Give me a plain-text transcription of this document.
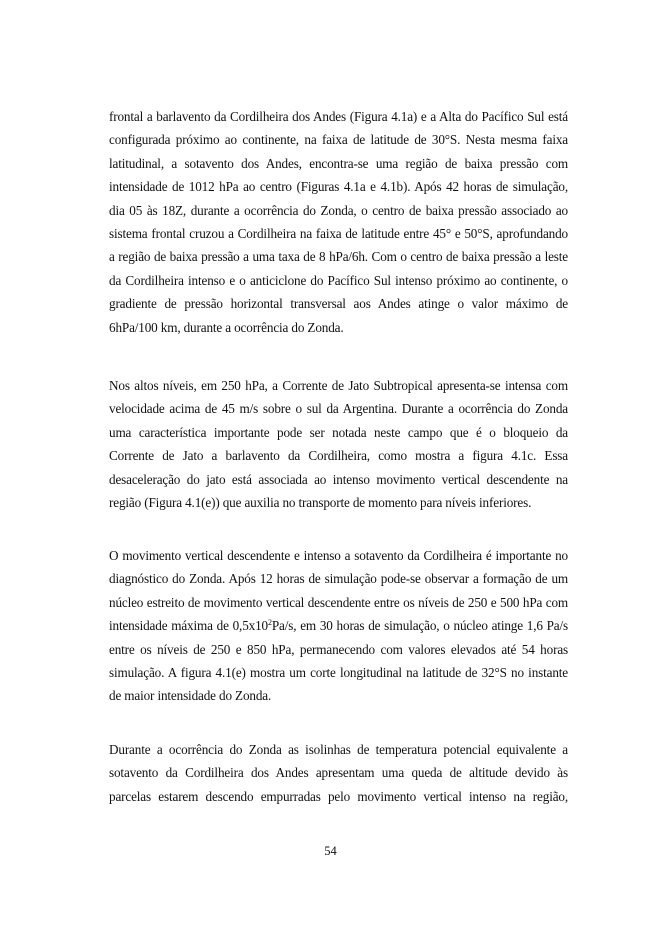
frontal a barlavento da Cordilheira dos Andes (Figura 4.1a) e a Alta do Pacífico Sul está
configurada próximo ao continente, na faixa de latitude de 30°S. Nesta mesma faixa
latitudinal, a sotavento dos Andes, encontra-se uma região de baixa pressão com
intensidade de 1012 hPa ao centro (Figuras 4.1a e 4.1b). Após 42 horas de simulação,
dia 05 às 18Z, durante a ocorrência do Zonda, o centro de baixa pressão associado ao
sistema frontal cruzou a Cordilheira na faixa de latitude entre 45° e 50°S, aprofundando
a região de baixa pressão a uma taxa de 8 hPa/6h. Com o centro de baixa pressão a leste
da Cordilheira intenso e o anticiclone do Pacífico Sul intenso próximo ao continente, o
gradiente de pressão horizontal transversal aos Andes atinge o valor máximo de
6hPa/100 km, durante a ocorrência do Zonda.
Nos altos níveis, em 250 hPa, a Corrente de Jato Subtropical apresenta-se intensa com
velocidade acima de 45 m/s sobre o sul da Argentina. Durante a ocorrência do Zonda
uma característica importante pode ser notada neste campo que é o bloqueio da
Corrente de Jato a barlavento da Cordilheira, como mostra a figura 4.1c. Essa
desaceleração do jato está associada ao intenso movimento vertical descendente na
região (Figura 4.1(e)) que auxilia no transporte de momento para níveis inferiores.
O movimento vertical descendente e intenso a sotavento da Cordilheira é importante no
diagnóstico do Zonda. Após 12 horas de simulação pode-se observar a formação de um
núcleo estreito de movimento vertical descendente entre os níveis de 250 e 500 hPa com
intensidade máxima de $0,5x10^2Pa/s$, em 30 horas de simulação, o núcleo atinge 1,6 Pa/s
entre os níveis de 250 e 850 hPa, permanecendo com valores elevados até 54 horas
simulação. A figura 4.1(e) mostra um corte longitudinal na latitude de 32°S no instante
de maior intensidade do Zonda.
Durante a ocorrência do Zonda as isolinhas de temperatura potencial equivalente a
sotavento da Cordilheira dos Andes apresentam uma queda de altitude devido às
parcelas estarem descendo empurradas pelo movimento vertical intenso na região,
54
